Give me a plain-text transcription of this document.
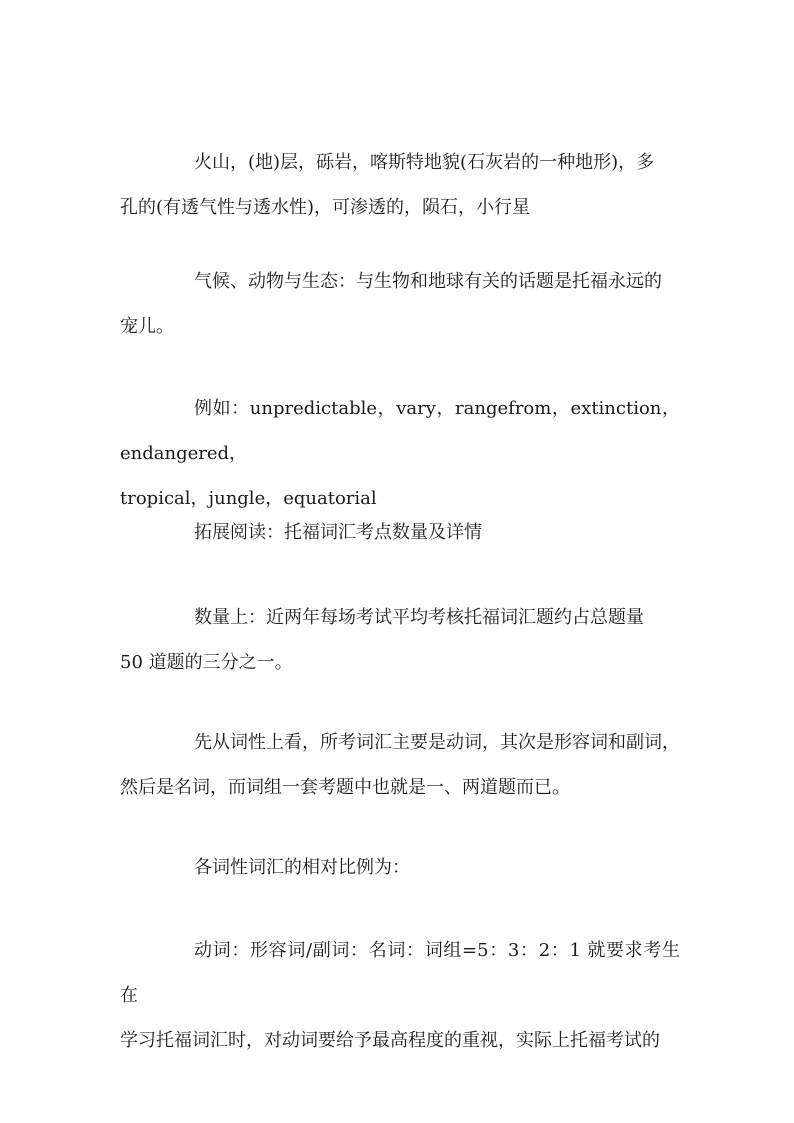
火山，(地)层，砾岩，喀斯特地貌(石灰岩的一种地形)，多
孔的(有透气性与透水性)，可渗透的，陨石，小行星

气候、动物与生态：与生物和地球有关的话题是托福永远的
宠儿。

例如：unpredictable，vary，rangefrom，extinction，endangered，
tropical，jungle，equatorial

拓展阅读：托福词汇考点数量及详情

数量上：近两年每场考试平均考核托福词汇题约占总题量
50 道题的三分之一。

先从词性上看，所考词汇主要是动词，其次是形容词和副词，
然后是名词，而词组一套考题中也就是一、两道题而已。

各词性词汇的相对比例为：

动词：形容词/副词：名词：词组=5：3：2：1 就要求考生在
学习托福词汇时，对动词要给予最高程度的重视，实际上托福考试的
